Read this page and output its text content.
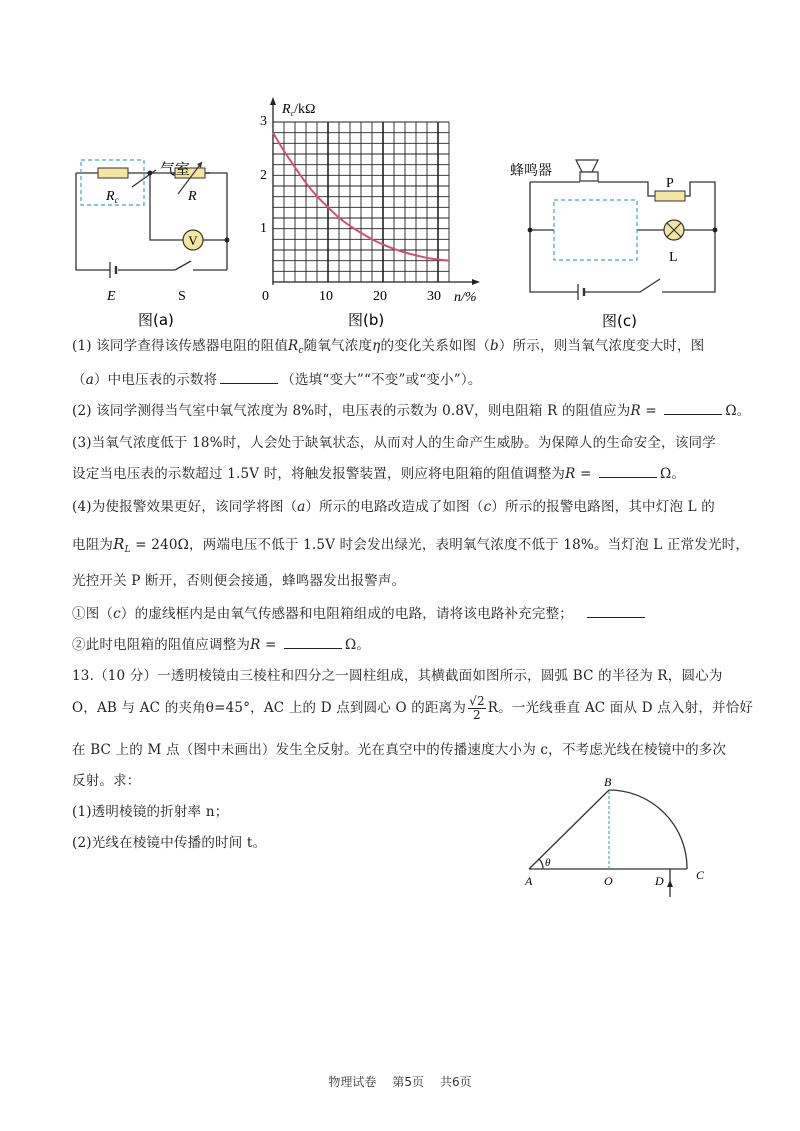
V
气室
$R_c$	R
E	S
图(a)
$R_c/k\Omega$
3
2
1
0	10	20	30 n/%
图(b)
蜂鸣器
P
L
图(c)
(1) 该同学查得该传感器电阻的阻值$R_c$随氧气浓度η的变化关系如图（b）所示，则当氧气浓度变大时，图
（a）中电压表的示数将	（选填“变大”“不变”或“变小”）。
(2) 该同学测得当气室中氧气浓度为 8%时，电压表的示数为 0.8V，则电阻箱 R 的阻值应为R =	Ω。
(3)当氧气浓度低于 18%时，人会处于缺氧状态，从而对人的生命产生威胁。为保障人的生命安全，该同学
设定当电压表的示数超过 1.5V 时，将触发报警装置，则应将电阻箱的阻值调整为R =	Ω。
(4)为使报警效果更好，该同学将图（a）所示的电路改造成了如图（c）所示的报警电路图，其中灯泡 L 的
电阻为$R_L = 240\Omega$，两端电压不低于 1.5V 时会发出绿光，表明氧气浓度不低于 18%。当灯泡 L 正常发光时，
光控开关 P 断开，否则便会接通，蜂鸣器发出报警声。
①图（c）的虚线框内是由氧气传感器和电阻箱组成的电路，请将该电路补充完整；
②此时电阻箱的阻值应调整为R =	Ω。
13.（10 分）一透明棱镜由三棱柱和四分之一圆柱组成，其横截面如图所示，圆弧 BC 的半径为 R，圆心为
O，AB 与 AC 的夹角θ=45°，AC 上的 D 点到圆心 O 的距离为 $\frac{√2}{2}$ R。一光线垂直 AC 面从 D 点入射，并恰好
在 BC 上的 M 点（图中未画出）发生全反射。光在真空中的传播速度大小为 c，不考虑光线在棱镜中的多次
反射。求：
(1)透明棱镜的折射率 n；
(2)光线在棱镜中传播的时间 t。
B
A	O	D	C
θ
物理试卷 第5页 共6页
